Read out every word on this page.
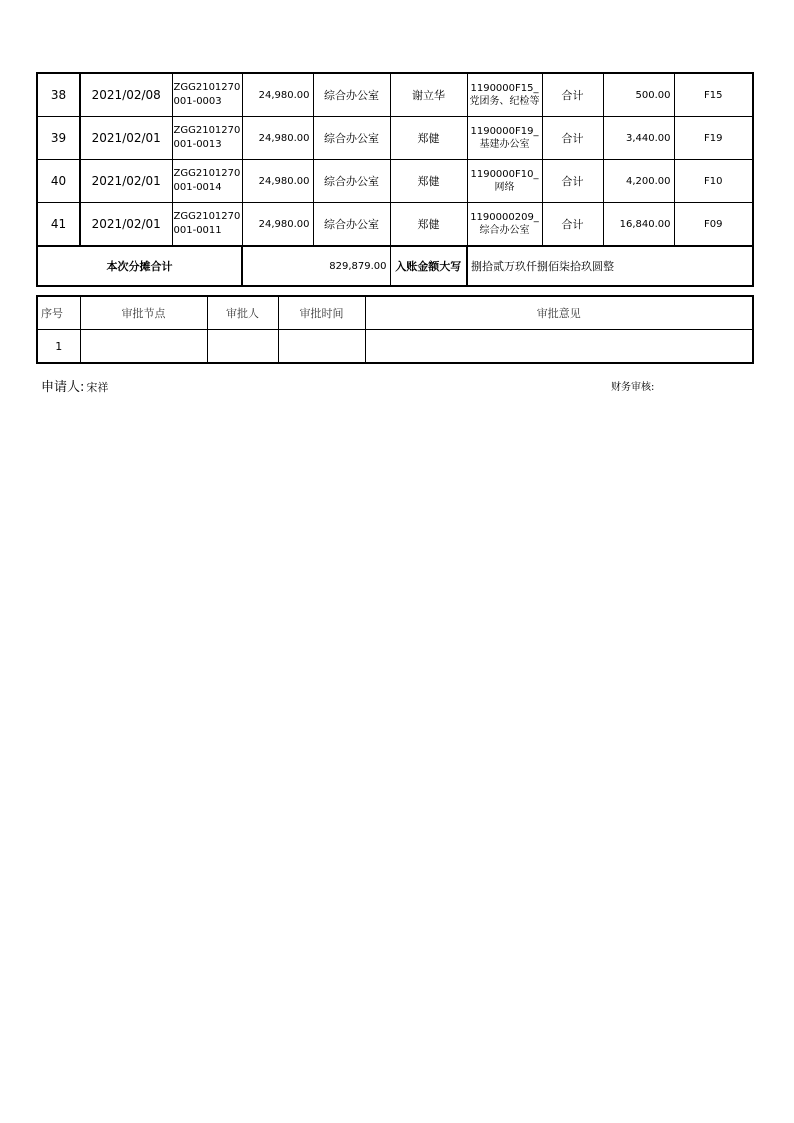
38	2021/02/08	ZGG2101270001-0003	24,980.00	综合办公室	谢立华	1190000F15_党团务、纪检等	合计	500.00	F15
39	2021/02/01	ZGG2101270001-0013	24,980.00	综合办公室	郑健	1190000F19_基建办公室	合计	3,440.00	F19
40	2021/02/01	ZGG2101270001-0014	24,980.00	综合办公室	郑健	1190000F10_网络	合计	4,200.00	F10
41	2021/02/01	ZGG2101270001-0011	24,980.00	综合办公室	郑健	1190000209_综合办公室	合计	16,840.00	F09
本次分摊合计			829,879.00		入账金额大写	捌拾贰万玖仟捌佰柒拾玖圆整			
序号	审批节点	审批人	审批时间	审批意见
1				
申请人: 宋祥	财务审核:
